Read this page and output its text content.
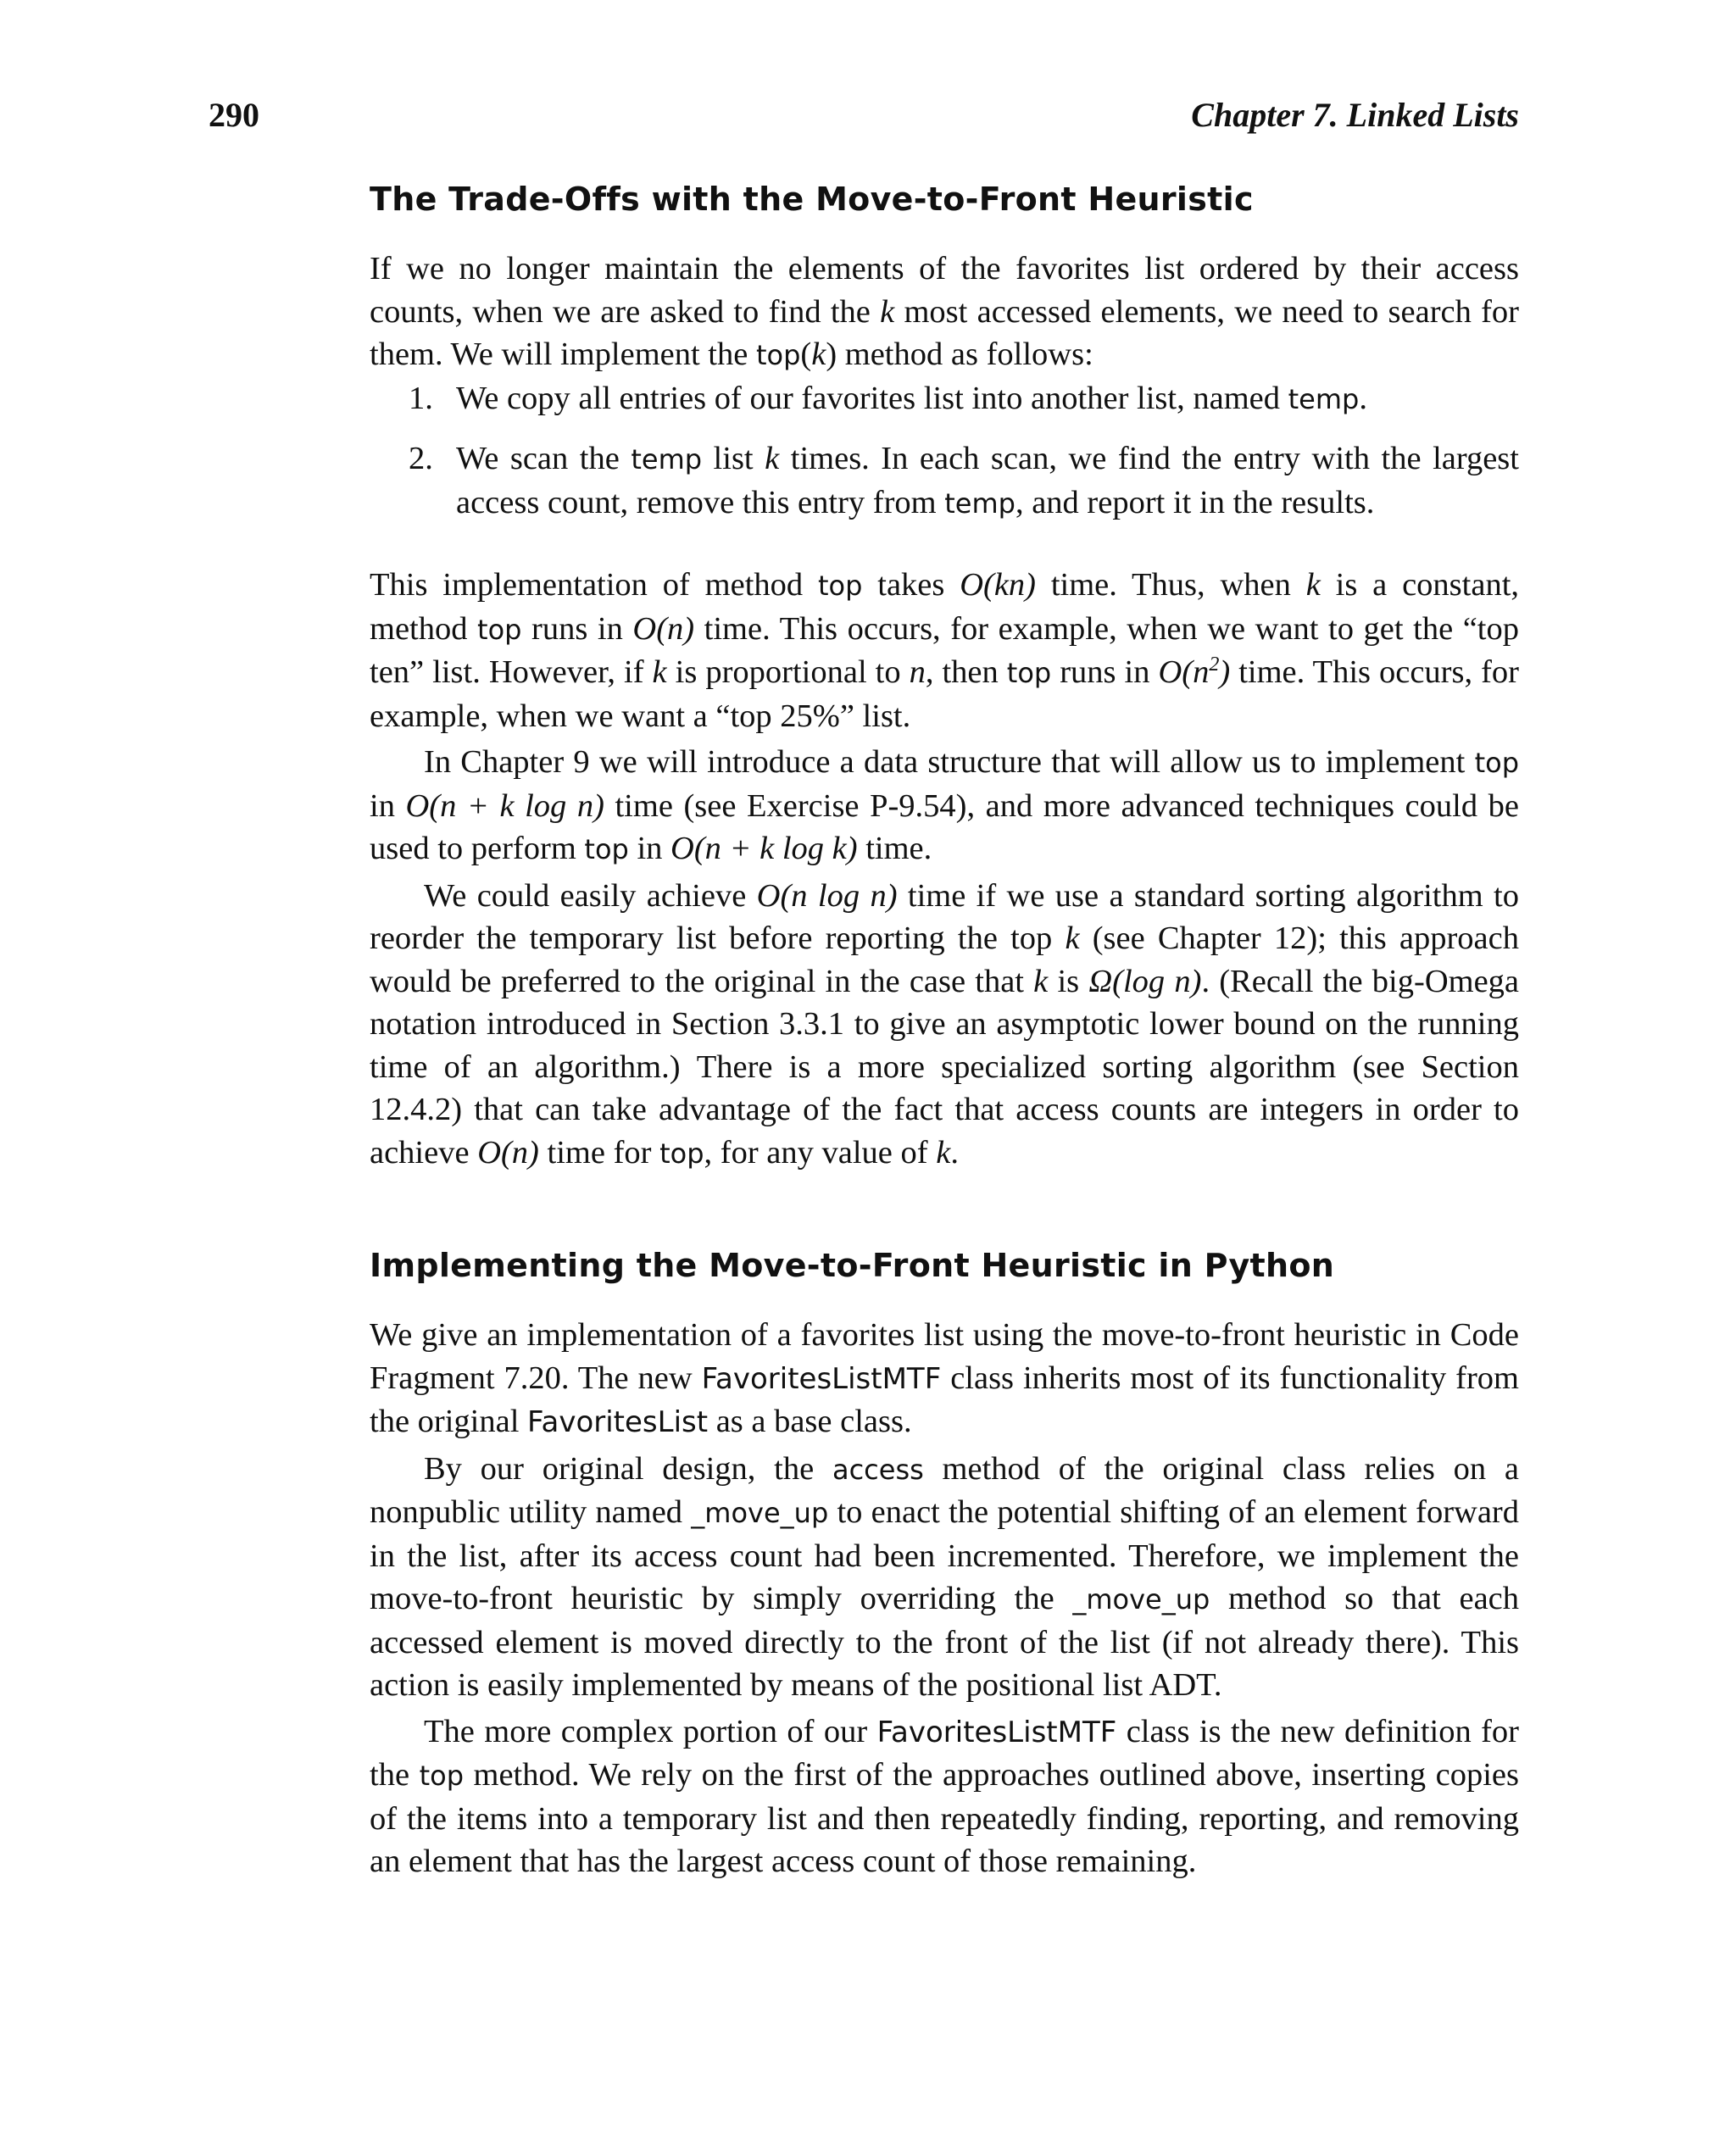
290	Chapter 7. Linked Lists
The Trade-Offs with the Move-to-Front Heuristic

If we no longer maintain the elements of the favorites list ordered by their access counts, when we are asked to find the k most accessed elements, we need to search for them. We will implement the top(k) method as follows:

1. We copy all entries of our favorites list into another list, named temp.
2. We scan the temp list k times. In each scan, we find the entry with the largest access count, remove this entry from temp, and report it in the results.

This implementation of method top takes O(kn) time. Thus, when k is a constant, method top runs in O(n) time. This occurs, for example, when we want to get the “top ten” list. However, if k is proportional to n, then top runs in $O(n^2)$ time. This occurs, for example, when we want a “top 25%” list.

In Chapter 9 we will introduce a data structure that will allow us to implement top in O(n + k log n) time (see Exercise P-9.54), and more advanced techniques could be used to perform top in O(n + k log k) time.

We could easily achieve O(n log n) time if we use a standard sorting algorithm to reorder the temporary list before reporting the top k (see Chapter 12); this approach would be preferred to the original in the case that k is Ω(log n). (Recall the big-Omega notation introduced in Section 3.3.1 to give an asymptotic lower bound on the running time of an algorithm.) There is a more specialized sorting algorithm (see Section 12.4.2) that can take advantage of the fact that access counts are integers in order to achieve O(n) time for top, for any value of k.

Implementing the Move-to-Front Heuristic in Python

We give an implementation of a favorites list using the move-to-front heuristic in Code Fragment 7.20. The new FavoritesListMTF class inherits most of its functionality from the original FavoritesList as a base class.

By our original design, the access method of the original class relies on a nonpublic utility named _move_up to enact the potential shifting of an element forward in the list, after its access count had been incremented. Therefore, we implement the move-to-front heuristic by simply overriding the _move_up method so that each accessed element is moved directly to the front of the list (if not already there). This action is easily implemented by means of the positional list ADT.

The more complex portion of our FavoritesListMTF class is the new definition for the top method. We rely on the first of the approaches outlined above, inserting copies of the items into a temporary list and then repeatedly finding, reporting, and removing an element that has the largest access count of those remaining.
